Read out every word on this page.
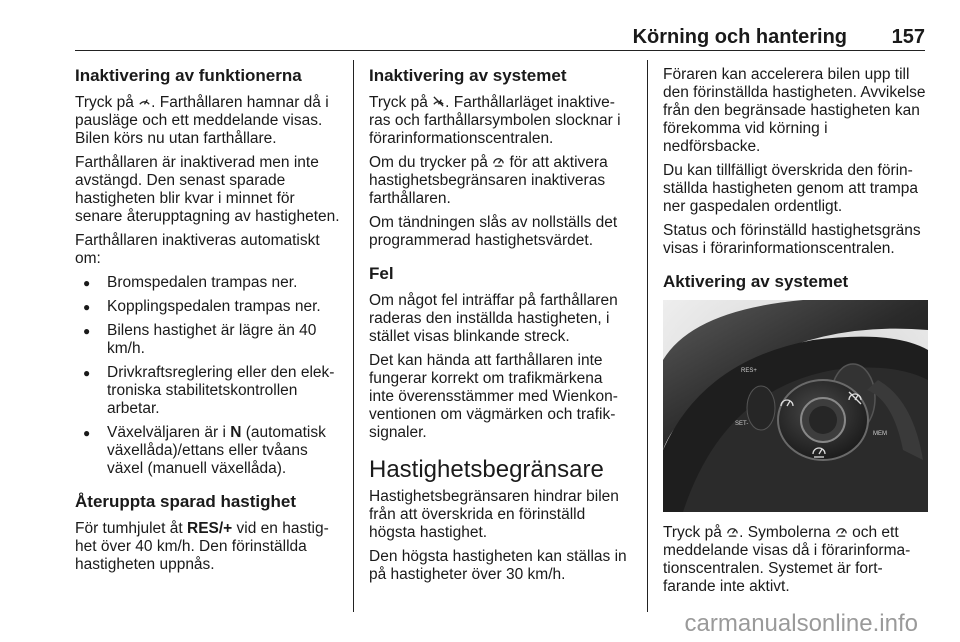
Körning och hantering 157
Inaktivering av funktionerna

Tryck på . Farthållaren hamnar då i pausläge och ett meddelande visas. Bilen körs nu utan farthållare.

Farthållaren är inaktiverad men inte avstängd. Den senast sparade hastigheten blir kvar i minnet för senare återupptagning av hastigheten.

Farthållaren inaktiveras automatiskt om:

● Bromspedalen trampas ner.
● Kopplingspedalen trampas ner.
● Bilens hastighet är lägre än 40 km/h.
● Drivkraftsreglering eller den elektroniska stabilitetskontrollen arbetar.
● Växelväljaren är i N (automatisk växellåda)/ettans eller tvåans växel (manuell växellåda).
Återuppta sparad hastighet

För tumhjulet åt RES/+ vid en hastighet över 40 km/h. Den förinställda hastigheten uppnås.

Inaktivering av systemet

Tryck på . Farthållarläget inaktiveras och farthållarsymbolen slocknar i förarinformationscentralen.

Om du trycker på  för att aktivera hastighetsbegränsaren inaktiveras farthållaren.

Om tändningen slås av nollställs det programmerad hastighetsvärdet.

Fel

Om något fel inträffar på farthållaren raderas den inställda hastigheten, i stället visas blinkande streck.

Det kan hända att farthållaren inte fungerar korrekt om trafikmärkena inte överensstämmer med Wienkonventionen om vägmärken och trafiksignaler.

Hastighetsbegränsare

Hastighetsbegränsaren hindrar bilen från att överskrida en förinställd högsta hastighet.

Den högsta hastigheten kan ställas in på hastigheter över 30 km/h.

Föraren kan accelerera bilen upp till den förinställda hastigheten. Avvikelse från den begränsade hastigheten kan förekomma vid körning i nedförsbacke.

Du kan tillfälligt överskrida den förinställda hastigheten genom att trampa ner gaspedalen ordentligt.

Status och förinställd hastighetsgräns visas i förarinformationscentralen.

Aktivering av systemet
RES+
SET-
MEM

Tryck på . Symbolerna  och ett meddelande visas då i förarinformationscentralen. Systemet är fortfarande inte aktivt.

carmanualsonline.info
